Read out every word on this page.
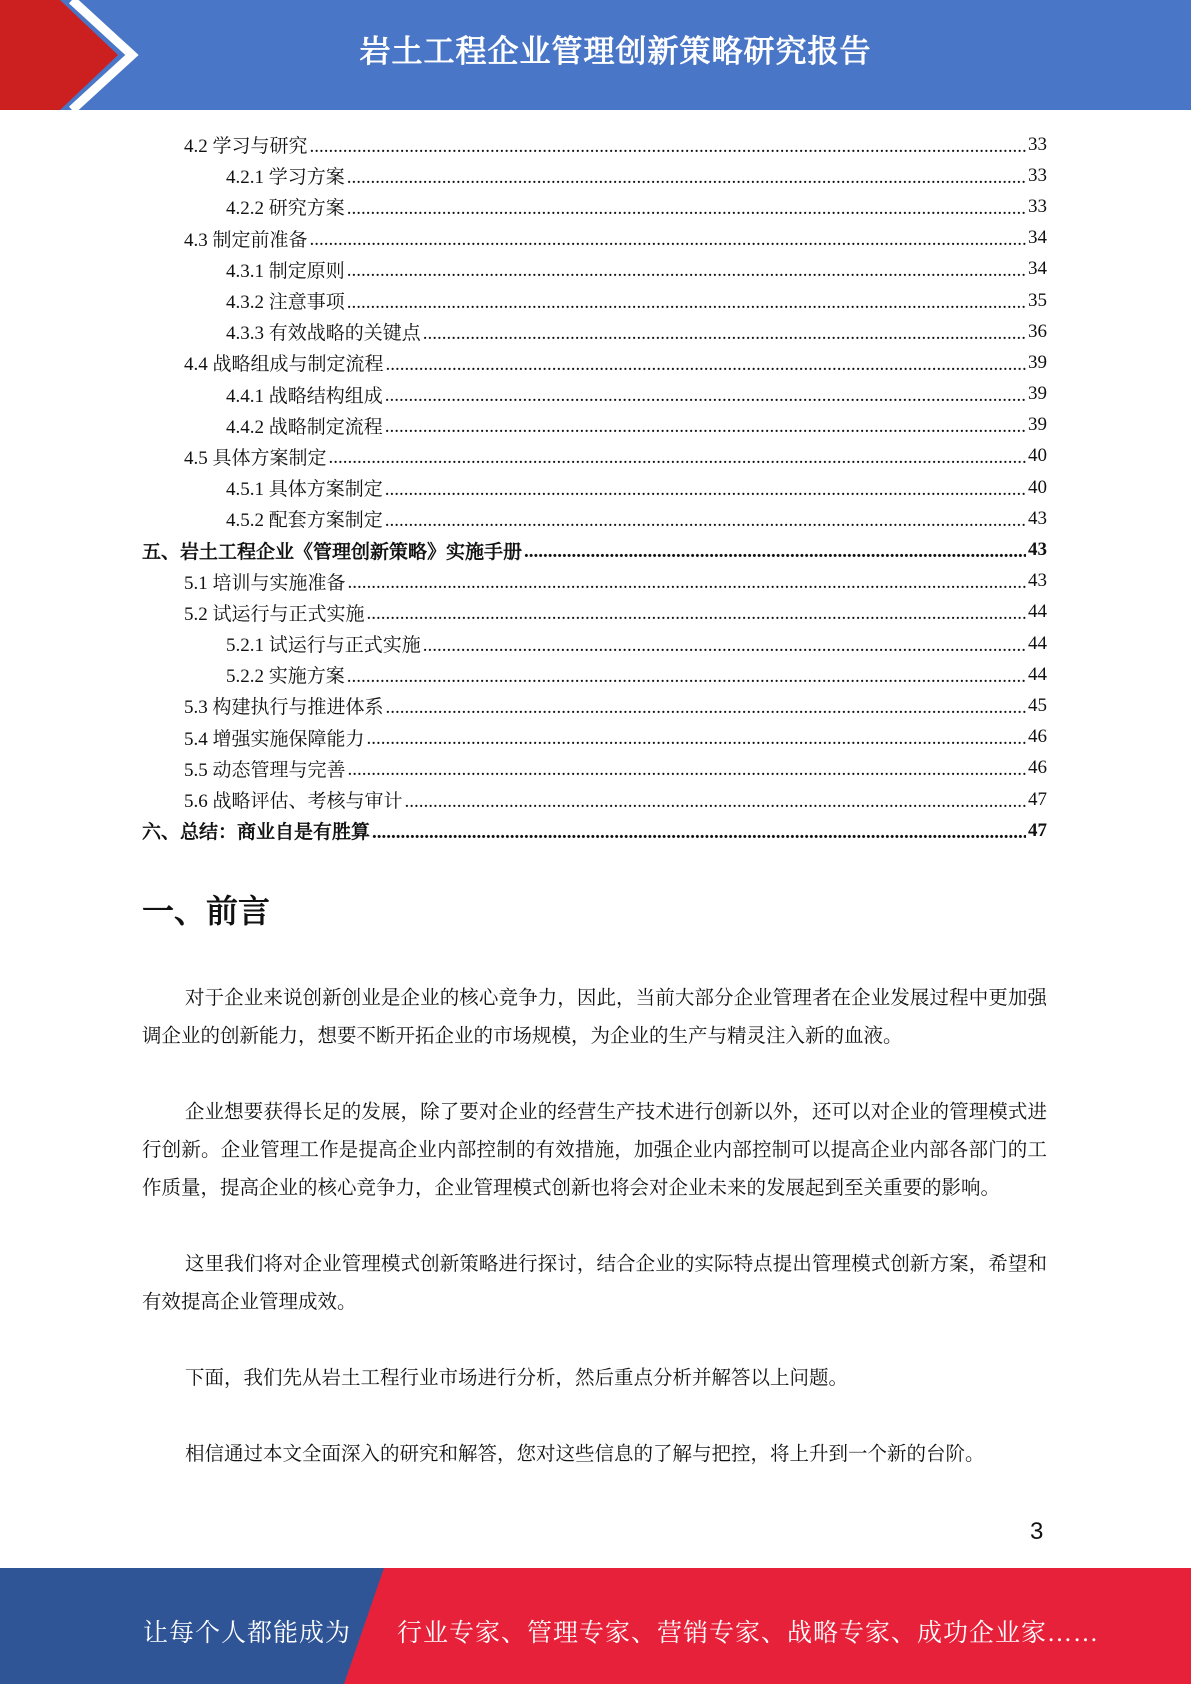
岩土工程企业管理创新策略研究报告
4.2 学习与研究 .....	33
4.2.1 学习方案 .....	33
4.2.2 研究方案 .....	33
4.3 制定前准备 .....	34
4.3.1 制定原则 .....	34
4.3.2 注意事项 .....	35
4.3.3 有效战略的关键点 .....	36
4.4 战略组成与制定流程 .....	39
4.4.1 战略结构组成 .....	39
4.4.2 战略制定流程 .....	39
4.5 具体方案制定 .....	40
4.5.1 具体方案制定 .....	40
4.5.2 配套方案制定 .....	43
五、岩土工程企业《管理创新策略》实施手册 .....	43
5.1 培训与实施准备 .....	43
5.2 试运行与正式实施 .....	44
5.2.1 试运行与正式实施 .....	44
5.2.2 实施方案 .....	44
5.3 构建执行与推进体系 .....	45
5.4 增强实施保障能力 .....	46
5.5 动态管理与完善 .....	46
5.6 战略评估、考核与审计 .....	47
六、总结：商业自是有胜算 .....	47
一、前言

对于企业来说创新创业是企业的核心竞争力，因此，当前大部分企业管理者在企业发展过程中更加强调企业的创新能力，想要不断开拓企业的市场规模，为企业的生产与精灵注入新的血液。

企业想要获得长足的发展，除了要对企业的经营生产技术进行创新以外，还可以对企业的管理模式进行创新。企业管理工作是提高企业内部控制的有效措施，加强企业内部控制可以提高企业内部各部门的工作质量，提高企业的核心竞争力，企业管理模式创新也将会对企业未来的发展起到至关重要的影响。

这里我们将对企业管理模式创新策略进行探讨，结合企业的实际特点提出管理模式创新方案，希望和有效提高企业管理成效。

下面，我们先从岩土工程行业市场进行分析，然后重点分析并解答以上问题。

相信通过本文全面深入的研究和解答，您对这些信息的了解与把控，将上升到一个新的台阶。

3
让每个人都能成为 行业专家、管理专家、营销专家、战略专家、成功企业家……
